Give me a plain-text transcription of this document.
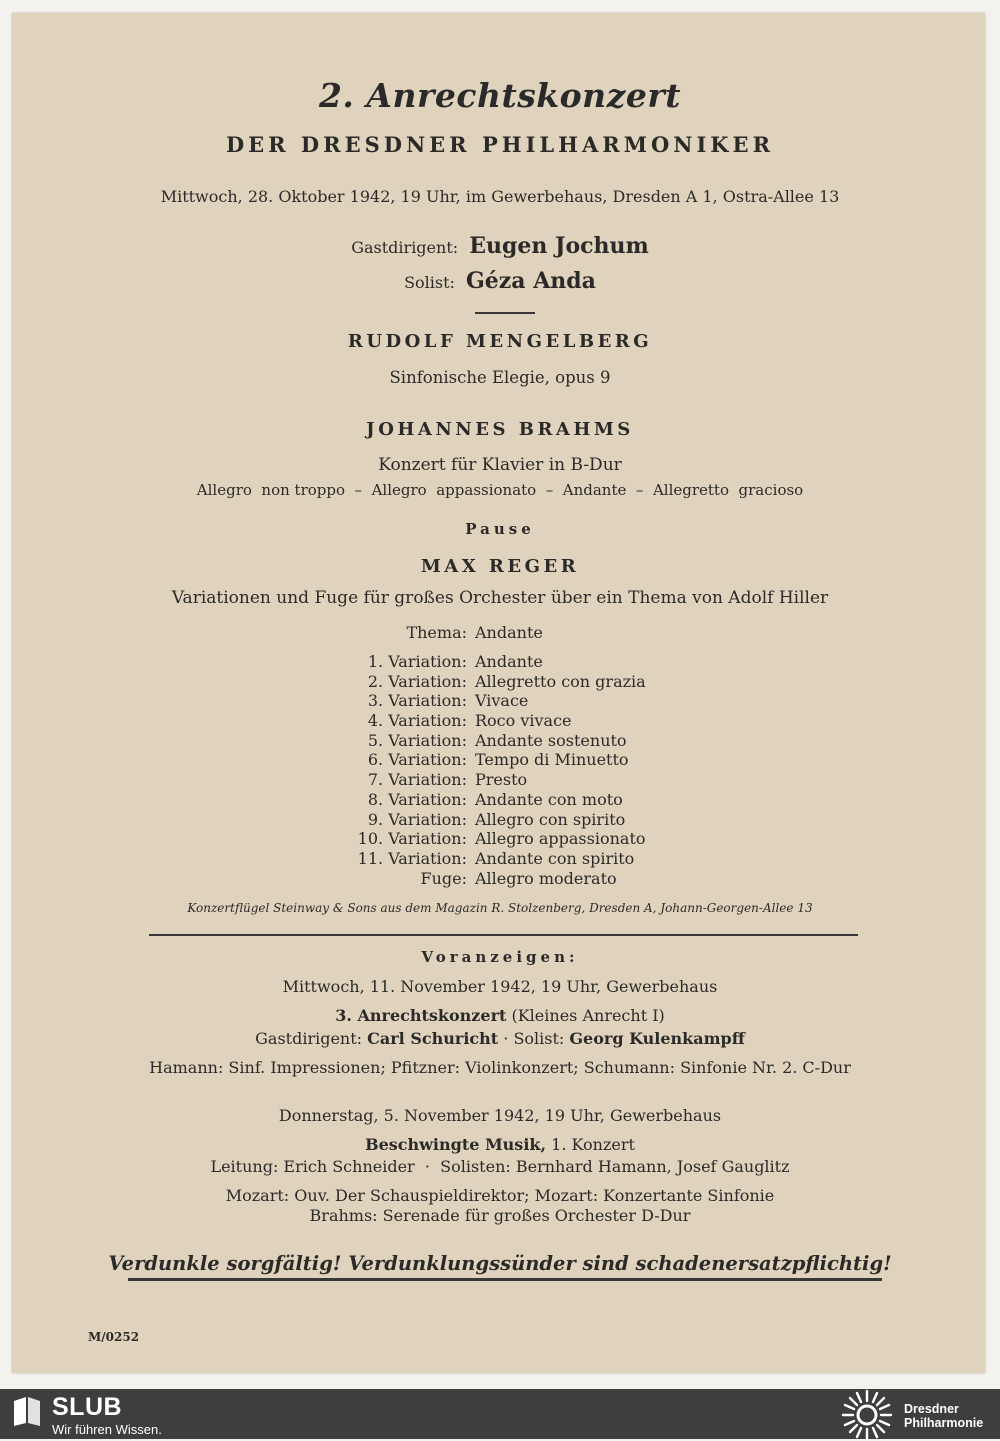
2. Anrechtskonzert
DER DRESDNER PHILHARMONIKER
Mittwoch, 28. Oktober 1942, 19 Uhr, im Gewerbehaus, Dresden A 1, Ostra-Allee 13
Gastdirigent: Eugen Jochum
Solist: Géza Anda
RUDOLF MENGELBERG
Sinfonische Elegie, opus 9
JOHANNES BRAHMS
Konzert für Klavier in B-Dur
Allegro  non troppo  –  Allegro  appassionato  –  Andante  –  Allegretto  gracioso
Pause
MAX REGER
Variationen und Fuge für großes Orchester über ein Thema von Adolf Hiller
Thema: Andante
1. Variation: Andante
2. Variation: Allegretto con grazia
3. Variation: Vivace
4. Variation: Roco vivace
5. Variation: Andante sostenuto
6. Variation: Tempo di Minuetto
7. Variation: Presto
8. Variation: Andante con moto
9. Variation: Allegro con spirito
10. Variation: Allegro appassionato
11. Variation: Andante con spirito
Fuge: Allegro moderato
Konzertflügel Steinway & Sons aus dem Magazin R. Stolzenberg, Dresden A, Johann-Georgen-Allee 13
Voranzeigen:
Mittwoch, 11. November 1942, 19 Uhr, Gewerbehaus
3. Anrechtskonzert (Kleines Anrecht I)
Gastdirigent: Carl Schuricht · Solist: Georg Kulenkampff
Hamann: Sinf. Impressionen; Pfitzner: Violinkonzert; Schumann: Sinfonie Nr. 2. C-Dur
Donnerstag, 5. November 1942, 19 Uhr, Gewerbehaus
Beschwingte Musik, 1. Konzert
Leitung: Erich Schneider  ·  Solisten: Bernhard Hamann, Josef Gauglitz
Mozart: Ouv. Der Schauspieldirektor; Mozart: Konzertante Sinfonie
Brahms: Serenade für großes Orchester D-Dur
Verdunkle sorgfältig! Verdunklungssünder sind schadenersatzpflichtig!
M/0252
SLUB
Wir führen Wissen.
Dresdner
Philharmonie
